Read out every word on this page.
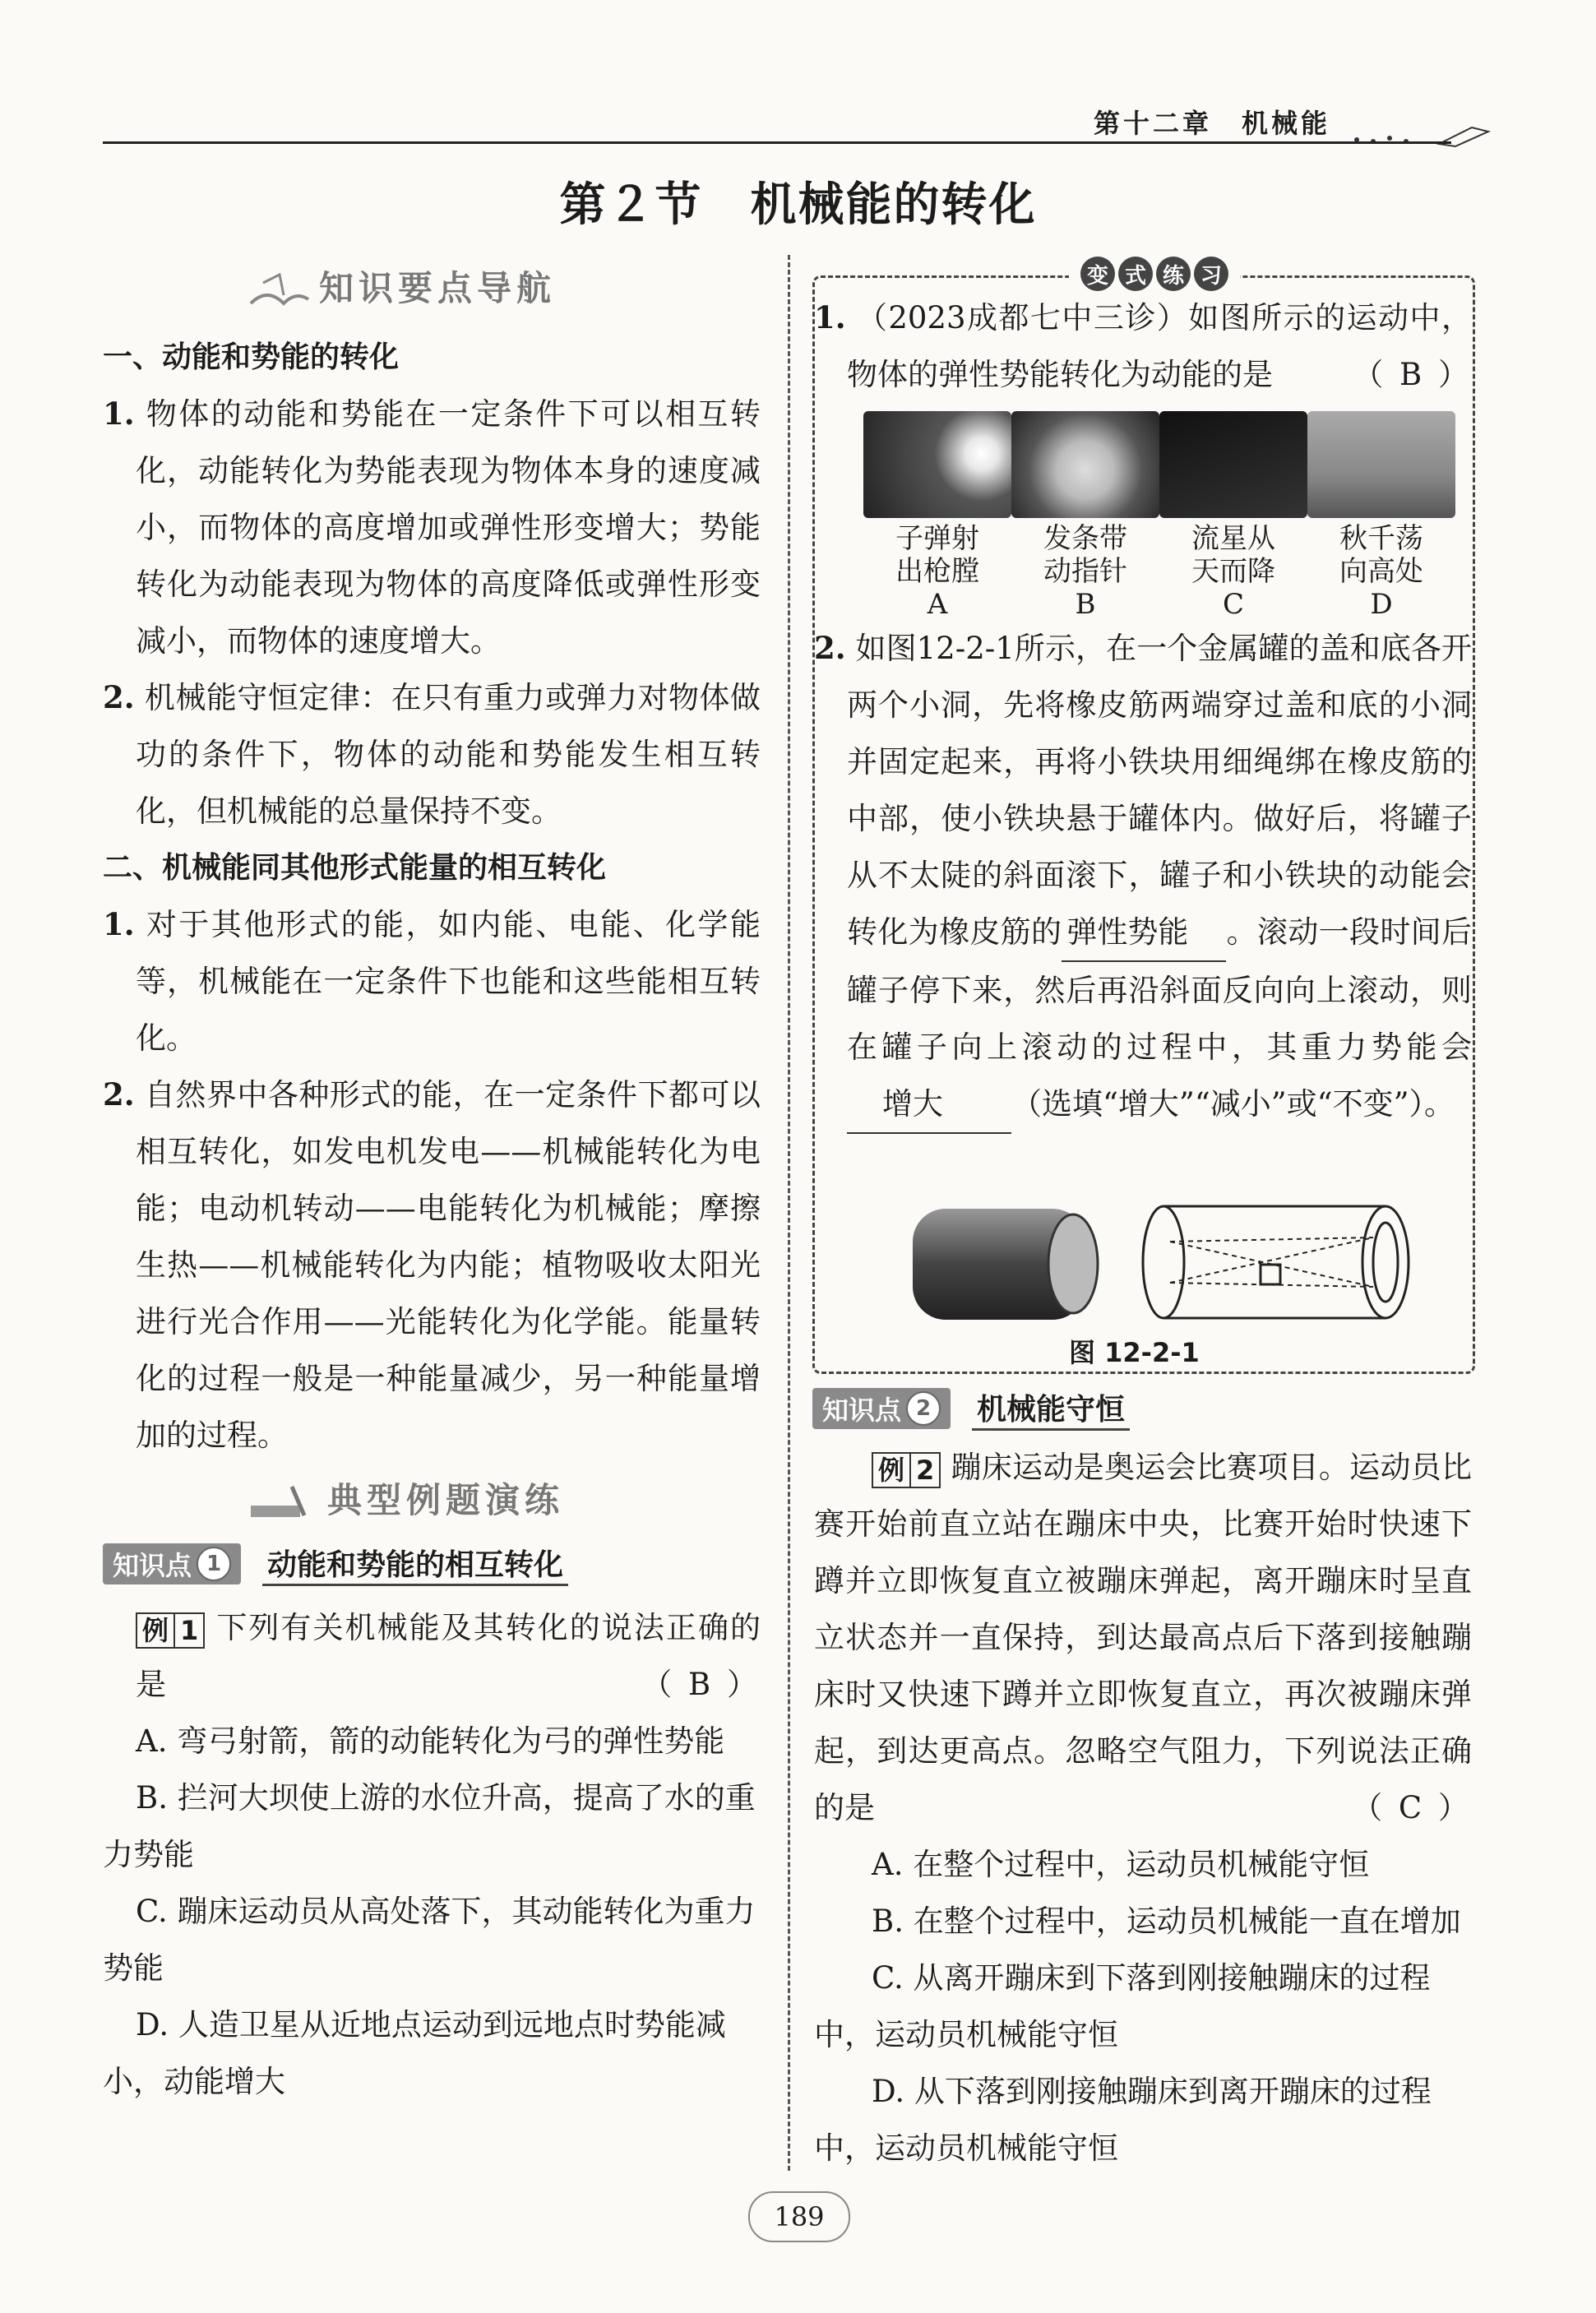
第十二章　机械能
第２节　机械能的转化
知识要点导航

一、动能和势能的转化

1. 物体的动能和势能在一定条件下可以相互转化，动能转化为势能表现为物体本身的速度减小，而物体的高度增加或弹性形变增大；势能转化为动能表现为物体的高度降低或弹性形变减小，而物体的速度增大。

2. 机械能守恒定律：在只有重力或弹力对物体做功的条件下，物体的动能和势能发生相互转化，但机械能的总量保持不变。

二、机械能同其他形式能量的相互转化

1. 对于其他形式的能，如内能、电能、化学能等，机械能在一定条件下也能和这些能相互转化。

2. 自然界中各种形式的能，在一定条件下都可以相互转化，如发电机发电——机械能转化为电能；电动机转动——电能转化为机械能；摩擦生热——机械能转化为内能；植物吸收太阳光进行光合作用——光能转化为化学能。能量转化的过程一般是一种能量减少，另一种能量增加的过程。

典型例题演练
知识点 1	动能和势能的相互转化

例 1 下列有关机械能及其转化的说法正确的是	（ B ）

A. 弯弓射箭，箭的动能转化为弓的弹性势能

B. 拦河大坝使上游的水位升高，提高了水的重力势能

C. 蹦床运动员从高处落下，其动能转化为重力势能

D. 人造卫星从近地点运动到远地点时势能减小，动能增大

变 式 练 习

1. （2023成都七中三诊）如图所示的运动中，物体的弹性势能转化为动能的是	（ B ）

子弹射
出枪膛
A
发条带
动指针
B
流星从
天而降
C
秋千荡
向高处
D

2. 如图12-2-1所示，在一个金属罐的盖和底各开两个小洞，先将橡皮筋两端穿过盖和底的小洞并固定起来，再将小铁块用细绳绑在橡皮筋的中部，使小铁块悬于罐体内。做好后，将罐子从不太陡的斜面滚下，罐子和小铁块的动能会转化为橡皮筋的 弹性势能 。滚动一段时间后罐子停下来，然后再沿斜面反向向上滚动，则在罐子向上滚动的过程中，其重力势能会增大 （选填“增大”“减小”或“不变”）。

图 12-2-1
知识点 2	机械能守恒

例 2 蹦床运动是奥运会比赛项目。运动员比赛开始前直立站在蹦床中央，比赛开始时快速下蹲并立即恢复直立被蹦床弹起，离开蹦床时呈直立状态并一直保持，到达最高点后下落到接触蹦床时又快速下蹲并立即恢复直立，再次被蹦床弹起，到达更高点。忽略空气阻力，下列说法正确的是	（ C ）

A. 在整个过程中，运动员机械能守恒

B. 在整个过程中，运动员机械能一直在增加

C. 从离开蹦床到下落到刚接触蹦床的过程中，运动员机械能守恒

D. 从下落到刚接触蹦床到离开蹦床的过程中，运动员机械能守恒

189
